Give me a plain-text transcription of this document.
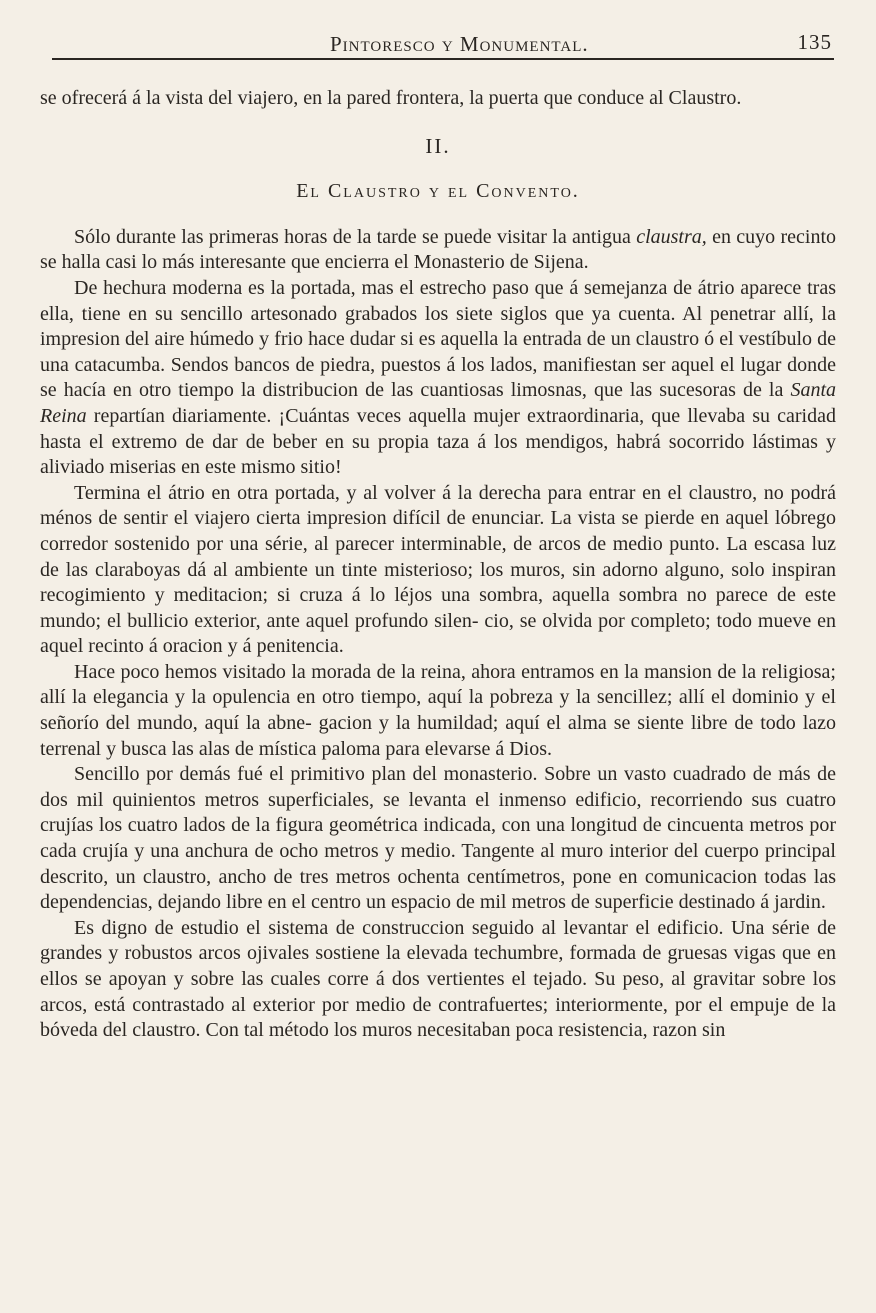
Pintoresco y Monumental.	135

se ofrecerá á la vista del viajero, en la pared frontera, la puerta que conduce al Claustro.

II.
El Claustro y el Convento.

Sólo durante las primeras horas de la tarde se puede visitar la antigua claustra, en cuyo recinto se halla casi lo más interesante que encierra el Monasterio de Sijena.

De hechura moderna es la portada, mas el estrecho paso que á semejanza de átrio aparece tras ella, tiene en su sencillo artesonado grabados los siete siglos que ya cuenta. Al penetrar allí, la impresion del aire húmedo y frio hace dudar si es aquella la entrada de un claustro ó el vestíbulo de una catacumba. Sendos bancos de piedra, puestos á los lados, manifiestan ser aquel el lugar donde se hacía en otro tiempo la distribucion de las cuantiosas limosnas, que las sucesoras de la Santa Reina repartían diariamente. ¡Cuántas veces aquella mujer extraordinaria, que llevaba su caridad hasta el extremo de dar de beber en su propia taza á los mendigos, habrá socorrido lástimas y aliviado miserias en este mismo sitio!

Termina el átrio en otra portada, y al volver á la derecha para entrar en el claustro, no podrá ménos de sentir el viajero cierta impresion difícil de enunciar. La vista se pierde en aquel lóbrego corredor sostenido por una série, al parecer interminable, de arcos de medio punto. La escasa luz de las claraboyas dá al ambiente un tinte misterioso; los muros, sin adorno alguno, solo inspiran recogimiento y meditacion; si cruza á lo léjos una sombra, aquella sombra no parece de este mundo; el bullicio exterior, ante aquel profundo silen- cio, se olvida por completo; todo mueve en aquel recinto á oracion y á penitencia.

Hace poco hemos visitado la morada de la reina, ahora entramos en la mansion de la religiosa; allí la elegancia y la opulencia en otro tiempo, aquí la pobreza y la sencillez; allí el dominio y el señorío del mundo, aquí la abne- gacion y la humildad; aquí el alma se siente libre de todo lazo terrenal y busca las alas de mística paloma para elevarse á Dios.

Sencillo por demás fué el primitivo plan del monasterio. Sobre un vasto cuadrado de más de dos mil quinientos metros superficiales, se levanta el inmenso edificio, recorriendo sus cuatro crujías los cuatro lados de la figura geométrica indicada, con una longitud de cincuenta metros por cada crujía y una anchura de ocho metros y medio. Tangente al muro interior del cuerpo principal descrito, un claustro, ancho de tres metros ochenta centímetros, pone en comunicacion todas las dependencias, dejando libre en el centro un espacio de mil metros de superficie destinado á jardin.

Es digno de estudio el sistema de construccion seguido al levantar el edificio. Una série de grandes y robustos arcos ojivales sostiene la elevada techumbre, formada de gruesas vigas que en ellos se apoyan y sobre las cuales corre á dos vertientes el tejado. Su peso, al gravitar sobre los arcos, está contrastado al exterior por medio de contrafuertes; interiormente, por el empuje de la bóveda del claustro. Con tal método los muros necesitaban poca resistencia, razon sin
